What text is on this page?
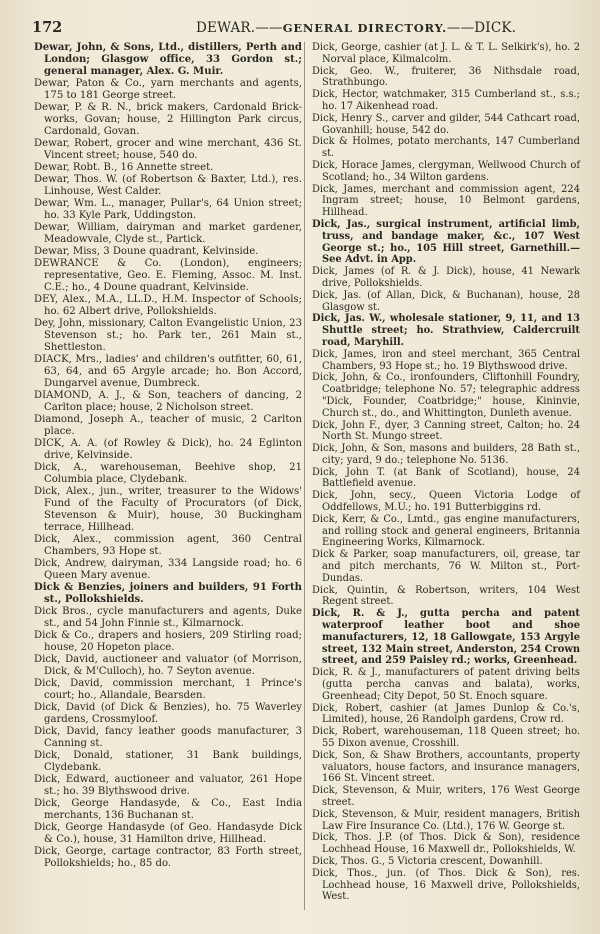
172	DEWAR.——GENERAL DIRECTORY.——DICK.

Dewar, John, & Sons, Ltd., distillers, Perth and London; Glasgow office, 33 Gordon st.; general manager, Alex. G. Muir.

Dewar, Paton & Co., yarn merchants and agents, 175 to 181 George street.

Dewar, P. & R. N., brick makers, Cardonald Brick-works, Govan; house, 2 Hillington Park circus, Cardonald, Govan.

Dewar, Robert, grocer and wine merchant, 436 St. Vincent street; house, 540 do.

Dewar, Robt. B., 16 Annette street.

Dewar, Thos. W. (of Robertson & Baxter, Ltd.), res. Linhouse, West Calder.

Dewar, Wm. L., manager, Pullar's, 64 Union street; ho. 33 Kyle Park, Uddingston.

Dewar, William, dairyman and market gardener, Meadowvale, Clyde st., Partick.

Dewar, Miss, 3 Doune quadrant, Kelvinside.

DEWRANCE & Co. (London), engineers; representative, Geo. E. Fleming, Assoc. M. Inst. C.E.; ho., 4 Doune quadrant, Kelvinside.

DEY, Alex., M.A., LL.D., H.M. Inspector of Schools; ho. 62 Albert drive, Pollokshields.

Dey, John, missionary, Calton Evangelistic Union, 23 Stevenson st.; ho. Park ter., 261 Main st., Shettleston.

DIACK, Mrs., ladies' and children's outfitter, 60, 61, 63, 64, and 65 Argyle arcade; ho. Bon Accord, Dungarvel avenue, Dumbreck.

DIAMOND, A. J., & Son, teachers of dancing, 2 Carlton place; house, 2 Nicholson street.

Diamond, Joseph A., teacher of music, 2 Carlton place.

DICK, A. A. (of Rowley & Dick), ho. 24 Eglinton drive, Kelvinside.

Dick, A., warehouseman, Beehive shop, 21 Columbia place, Clydebank.

Dick, Alex., jun., writer, treasurer to the Widows' Fund of the Faculty of Procurators (of Dick, Stevenson & Muir), house, 30 Buckingham terrace, Hillhead.

Dick, Alex., commission agent, 360 Central Chambers, 93 Hope st.

Dick, Andrew, dairyman, 334 Langside road; ho. 6 Queen Mary avenue.

Dick & Benzies, joiners and builders, 91 Forth st., Pollokshields.

Dick Bros., cycle manufacturers and agents, Duke st., and 54 John Finnie st., Kilmarnock.

Dick & Co., drapers and hosiers, 209 Stirling road; house, 20 Hopeton place.

Dick, David, auctioneer and valuator (of Morrison, Dick, & M'Culloch), ho. 7 Seyton avenue.

Dick, David, commission merchant, 1 Prince's court; ho., Allandale, Bearsden.

Dick, David (of Dick & Benzies), ho. 75 Waverley gardens, Crossmyloof.

Dick, David, fancy leather goods manufacturer, 3 Canning st.

Dick, Donald, stationer, 31 Bank buildings, Clydebank.

Dick, Edward, auctioneer and valuator, 261 Hope st.; ho. 39 Blythswood drive.

Dick, George Handasyde, & Co., East India merchants, 136 Buchanan st.

Dick, George Handasyde (of Geo. Handasyde Dick & Co.), house, 31 Hamilton drive, Hillhead.

Dick, George, cartage contractor, 83 Forth street, Pollokshields; ho., 85 do.

Dick, George, cashier (at J. L. & T. L. Selkirk's), ho. 2 Norval place, Kilmalcolm.

Dick, Geo. W., fruiterer, 36 Nithsdale road, Strathbungo.

Dick, Hector, watchmaker, 315 Cumberland st., s.s.; ho. 17 Aikenhead road.

Dick, Henry S., carver and gilder, 544 Cathcart road, Govanhill; house, 542 do.

Dick & Holmes, potato merchants, 147 Cumberland st.

Dick, Horace James, clergyman, Wellwood Church of Scotland; ho., 34 Wilton gardens.

Dick, James, merchant and commission agent, 224 Ingram street; house, 10 Belmont gardens, Hillhead.

Dick, Jas., surgical instrument, artificial limb, truss, and bandage maker, &c., 107 West George st.; ho., 105 Hill street, Garnethill.—See Advt. in App.

Dick, James (of R. & J. Dick), house, 41 Newark drive, Pollokshields.

Dick, Jas. (of Allan, Dick, & Buchanan), house, 28 Glasgow st.

Dick, Jas. W., wholesale stationer, 9, 11, and 13 Shuttle street; ho. Strathview, Caldercruilt road, Maryhill.

Dick, James, iron and steel merchant, 365 Central Chambers, 93 Hope st.; ho. 19 Blythswood drive.

Dick, John, & Co., ironfounders, Cliftonhill Foundry, Coatbridge; telephone No. 57; telegraphic address "Dick, Founder, Coatbridge;" house, Kininvie, Church st., do., and Whittington, Dunleth avenue.

Dick, John F., dyer, 3 Canning street, Calton; ho. 24 North St. Mungo street.

Dick, John, & Son, masons and builders, 28 Bath st., city; yard, 9 do.; telephone No. 5136.

Dick, John T. (at Bank of Scotland), house, 24 Battlefield avenue.

Dick, John, secy., Queen Victoria Lodge of Oddfellows, M.U.; ho. 191 Butterbiggins rd.

Dick, Kerr, & Co., Lmtd., gas engine manufacturers, and rolling stock and general engineers, Britannia Engineering Works, Kilmarnock.

Dick & Parker, soap manufacturers, oil, grease, tar and pitch merchants, 76 W. Milton st., Port-Dundas.

Dick, Quintin, & Robertson, writers, 104 West Regent street.

Dick, R. & J., gutta percha and patent waterproof leather boot and shoe manufacturers, 12, 18 Gallowgate, 153 Argyle street, 132 Main street, Anderston, 254 Crown street, and 259 Paisley rd.; works, Greenhead.

Dick, R. & J., manufacturers of patent driving belts (gutta percha canvas and balata), works, Greenhead; City Depot, 50 St. Enoch square.

Dick, Robert, cashier (at James Dunlop & Co.'s, Limited), house, 26 Randolph gardens, Crow rd.

Dick, Robert, warehouseman, 118 Queen street; ho. 55 Dixon avenue, Crosshill.

Dick, Son, & Shaw Brothers, accountants, property valuators, house factors, and insurance managers, 166 St. Vincent street.

Dick, Stevenson, & Muir, writers, 176 West George street.

Dick, Stevenson, & Muir, resident managers, British Law Fire Insurance Co. (Ltd.), 176 W. George st.

Dick, Thos. J.P. (of Thos. Dick & Son), residence Lochhead House, 16 Maxwell dr., Pollokshields, W.

Dick, Thos. G., 5 Victoria crescent, Dowanhill.

Dick, Thos., jun. (of Thos. Dick & Son), res. Lochhead house, 16 Maxwell drive, Pollokshields, West.
